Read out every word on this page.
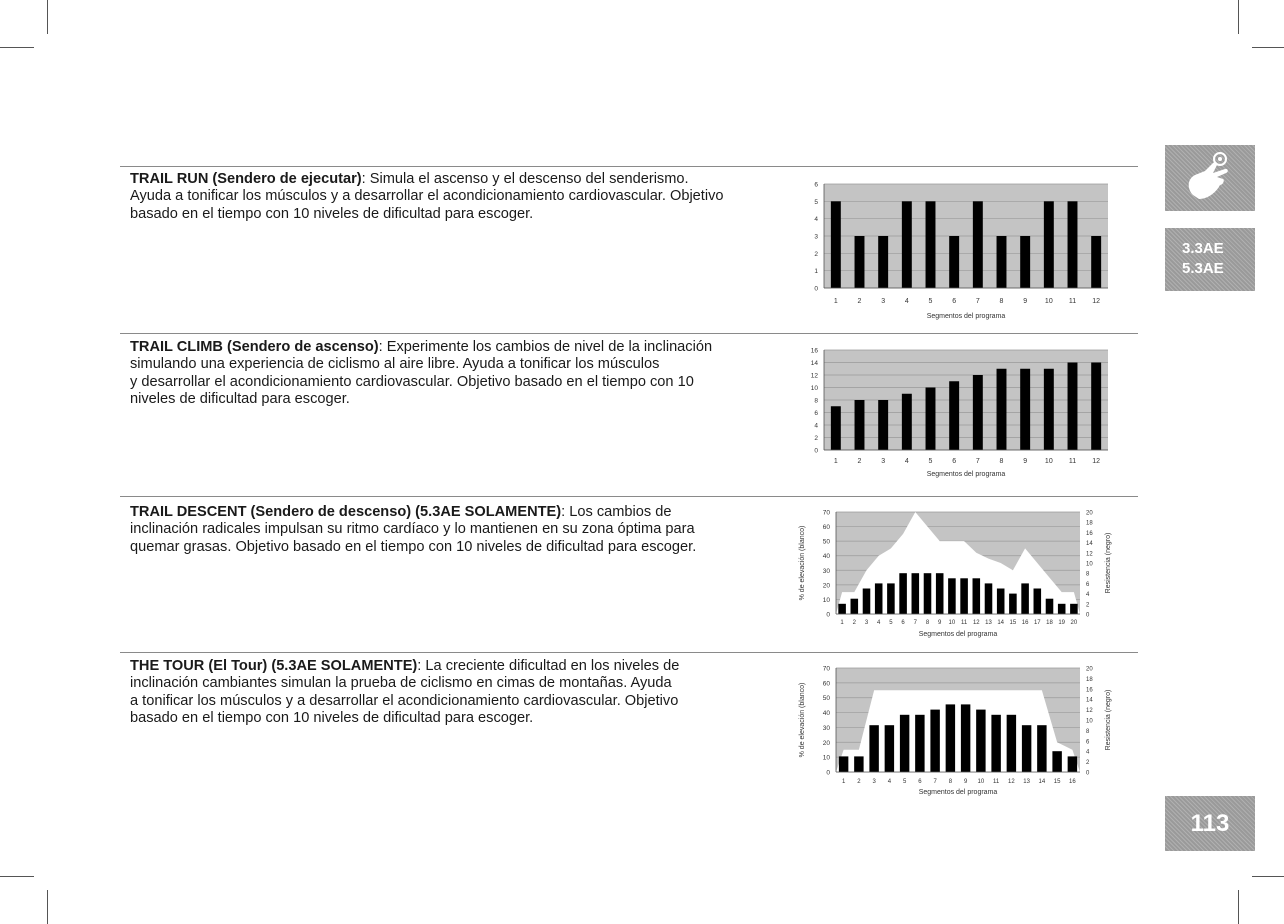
TRAIL RUN (Sendero de ejecutar): Simula el ascenso y el descenso del senderismo.
Ayuda a tonificar los músculos y a desarrollar el acondicionamiento cardiovascular. Objetivo
basado en el tiempo con 10 niveles de dificultad para escoger.
TRAIL CLIMB (Sendero de ascenso): Experimente los cambios de nivel de la inclinación
simulando una experiencia de ciclismo al aire libre. Ayuda a tonificar los músculos
y desarrollar el acondicionamiento cardiovascular. Objetivo basado en el tiempo con 10
niveles de dificultad para escoger.
TRAIL DESCENT (Sendero de descenso) (5.3AE SOLAMENTE): Los cambios de
inclinación radicales impulsan su ritmo cardíaco y lo mantienen en su zona óptima para
quemar grasas. Objetivo basado en el tiempo con 10 niveles de dificultad para escoger.
THE TOUR (El Tour) (5.3AE SOLAMENTE): La creciente dificultad en los niveles de
inclinación cambiantes simulan la prueba de ciclismo en cimas de montañas. Ayuda
a tonificar los músculos y a desarrollar el acondicionamiento cardiovascular. Objetivo
basado en el tiempo con 10 niveles de dificultad para escoger.
0
1
2
3
4
5
6
1	2	3	4	5	6	7	8	9	10 11 12
Segmentos del programa
0
2
4
6
8
10
12
14
16
1	2	3	4	5	6	7	8	9	10 11 12
Segmentos del programa
0
10
20
30
40
50
60
70
0
2
4
6
8
10
12
14
16
18
20
% de elevación (blanco)	Resistencia (negro)
1 2 3 4 5 6 7 8 9 10 11 12 13 14 15 16 17 18 19 20
Segmentos del programa
0
10
20
30
40
50
60
70
0
2
4
6
8
10
12
14
16
18
20
% de elevación (blanco)	Resistencia (negro)
1 2 3 4 5 6 7 8 9 10 11 12 13 14 15 16
Segmentos del programa
3.3AE
5.3AE
113
